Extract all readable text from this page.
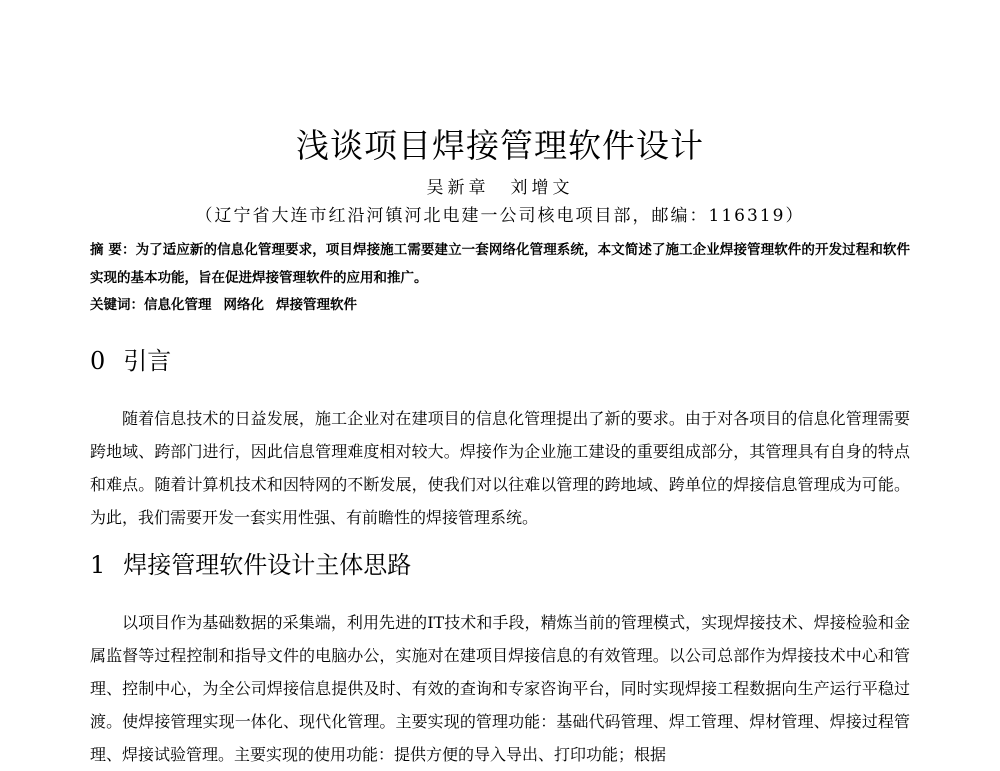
浅谈项目焊接管理软件设计
吴新章　刘增文
（辽宁省大连市红沿河镇河北电建一公司核电项目部，邮编：116319）

摘 要：为了适应新的信息化管理要求，项目焊接施工需要建立一套网络化管理系统，本文简述了施工企业焊接管理软件的开发过程和软件实现的基本功能，旨在促进焊接管理软件的应用和推广。

关键词：信息化管理 网络化 焊接管理软件

0 引言

随着信息技术的日益发展，施工企业对在建项目的信息化管理提出了新的要求。由于对各项目的信息化管理需要跨地域、跨部门进行，因此信息管理难度相对较大。焊接作为企业施工建设的重要组成部分，其管理具有自身的特点和难点。随着计算机技术和因特网的不断发展，使我们对以往难以管理的跨地域、跨单位的焊接信息管理成为可能。为此，我们需要开发一套实用性强、有前瞻性的焊接管理系统。

1 焊接管理软件设计主体思路

以项目作为基础数据的采集端，利用先进的IT技术和手段，精炼当前的管理模式，实现焊接技术、焊接检验和金属监督等过程控制和指导文件的电脑办公，实施对在建项目焊接信息的有效管理。以公司总部作为焊接技术中心和管理、控制中心，为全公司焊接信息提供及时、有效的查询和专家咨询平台，同时实现焊接工程数据向生产运行平稳过渡。使焊接管理实现一体化、现代化管理。主要实现的管理功能：基础代码管理、焊工管理、焊材管理、焊接过程管理、焊接试验管理。主要实现的使用功能：提供方便的导入导出、打印功能；根据
